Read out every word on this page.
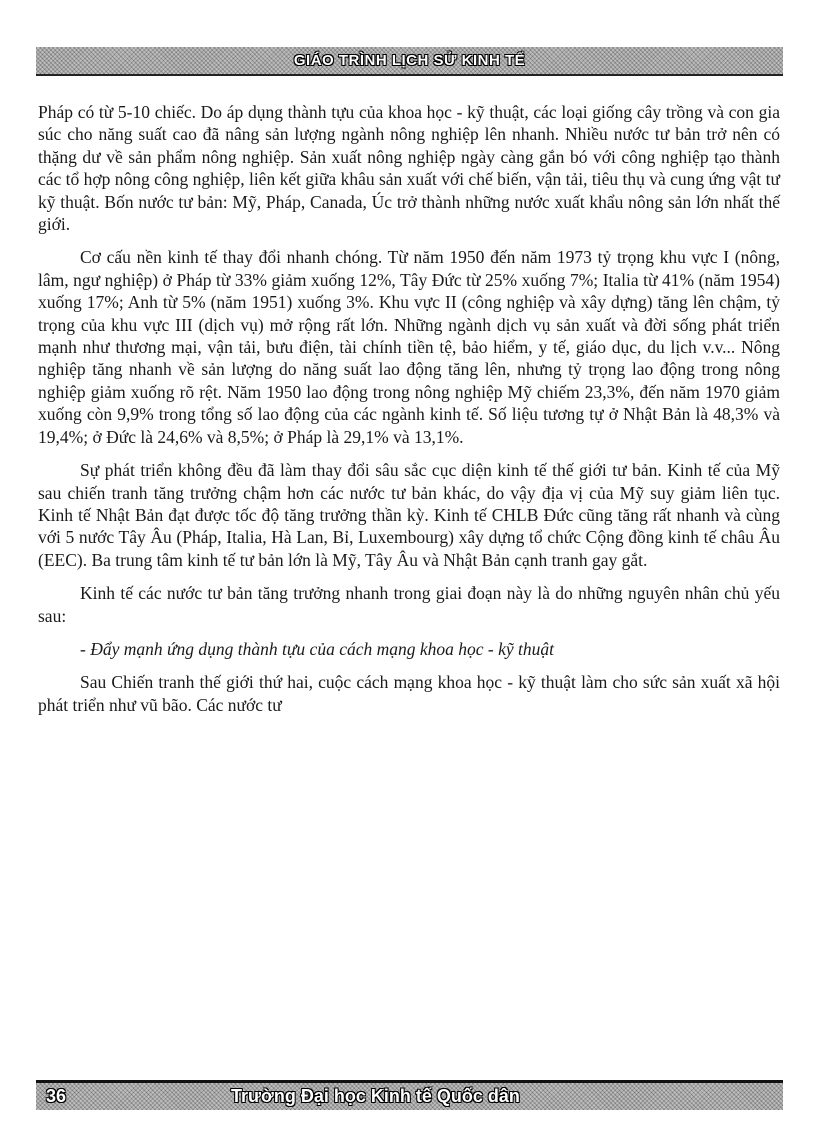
GIÁO TRÌNH LỊCH SỬ KINH TẾ

Pháp có từ 5-10 chiếc. Do áp dụng thành tựu của khoa học - kỹ thuật, các loại giống cây trồng và con gia súc cho năng suất cao đã nâng sản lượng ngành nông nghiệp lên nhanh. Nhiều nước tư bản trở nên có thặng dư về sản phẩm nông nghiệp. Sản xuất nông nghiệp ngày càng gắn bó với công nghiệp tạo thành các tổ hợp nông công nghiệp, liên kết giữa khâu sản xuất với chế biến, vận tải, tiêu thụ và cung ứng vật tư kỹ thuật. Bốn nước tư bản: Mỹ, Pháp, Canada, Úc trở thành những nước xuất khẩu nông sản lớn nhất thế giới.

Cơ cấu nền kinh tế thay đổi nhanh chóng. Từ năm 1950 đến năm 1973 tỷ trọng khu vực I (nông, lâm, ngư nghiệp) ở Pháp từ 33% giảm xuống 12%, Tây Đức từ 25% xuống 7%; Italia từ 41% (năm 1954) xuống 17%; Anh từ 5% (năm 1951) xuống 3%. Khu vực II (công nghiệp và xây dựng) tăng lên chậm, tỷ trọng của khu vực III (dịch vụ) mở rộng rất lớn. Những ngành dịch vụ sản xuất và đời sống phát triển mạnh như thương mại, vận tải, bưu điện, tài chính tiền tệ, bảo hiểm, y tế, giáo dục, du lịch v.v... Nông nghiệp tăng nhanh về sản lượng do năng suất lao động tăng lên, nhưng tỷ trọng lao động trong nông nghiệp giảm xuống rõ rệt. Năm 1950 lao động trong nông nghiệp Mỹ chiếm 23,3%, đến năm 1970 giảm xuống còn 9,9% trong tổng số lao động của các ngành kinh tế. Số liệu tương tự ở Nhật Bản là 48,3% và 19,4%; ở Đức là 24,6% và 8,5%; ở Pháp là 29,1% và 13,1%.

Sự phát triển không đều đã làm thay đổi sâu sắc cục diện kinh tế thế giới tư bản. Kinh tế của Mỹ sau chiến tranh tăng trưởng chậm hơn các nước tư bản khác, do vậy địa vị của Mỹ suy giảm liên tục. Kinh tế Nhật Bản đạt được tốc độ tăng trưởng thần kỳ. Kinh tế CHLB Đức cũng tăng rất nhanh và cùng với 5 nước Tây Âu (Pháp, Italia, Hà Lan, Bỉ, Luxembourg) xây dựng tổ chức Cộng đồng kinh tế châu Âu (EEC). Ba trung tâm kinh tế tư bản lớn là Mỹ, Tây Âu và Nhật Bản cạnh tranh gay gắt.

Kinh tế các nước tư bản tăng trưởng nhanh trong giai đoạn này là do những nguyên nhân chủ yếu sau:

- Đẩy mạnh ứng dụng thành tựu của cách mạng khoa học - kỹ thuật

Sau Chiến tranh thế giới thứ hai, cuộc cách mạng khoa học - kỹ thuật làm cho sức sản xuất xã hội phát triển như vũ bão. Các nước tư

36	Trường Đại học Kinh tế Quốc dân
